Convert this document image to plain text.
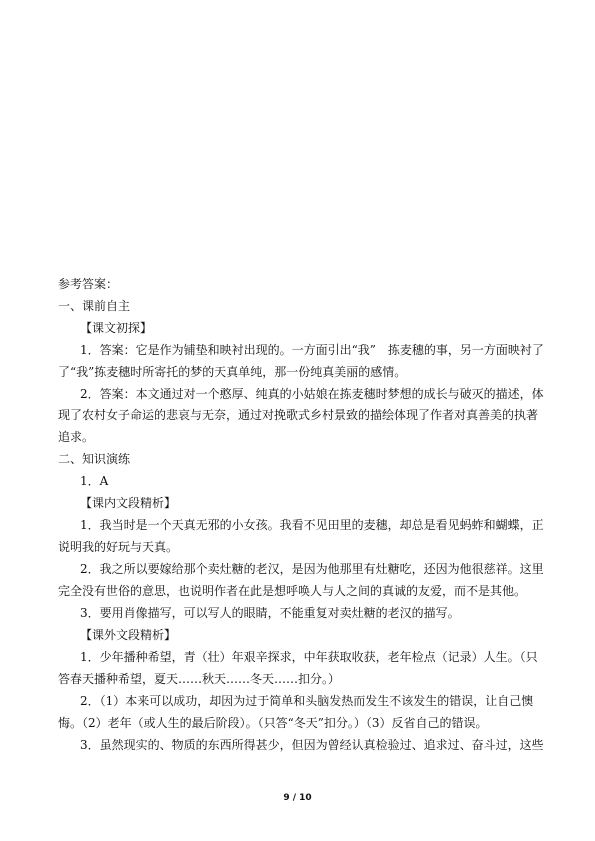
参考答案：
一、课前自主
【课文初探】
1．答案：它是作为铺垫和映衬出现的。一方面引出“我”　拣麦穗的事，另一方面映衬了
了“我”拣麦穗时所寄托的梦的天真单纯，那一份纯真美丽的感情。
2．答案：本文通过对一个憨厚、纯真的小姑娘在拣麦穗时梦想的成长与破灭的描述，体
现了农村女子命运的悲哀与无奈，通过对挽歌式乡村景致的描绘体现了作者对真善美的执著
追求。
二、知识演练
1．A
【课内文段精析】
1．我当时是一个天真无邪的小女孩。我看不见田里的麦穗，却总是看见蚂蚱和蝴蝶，正
说明我的好玩与天真。
2．我之所以要嫁给那个卖灶糖的老汉，是因为他那里有灶糖吃，还因为他很慈祥。这里
完全没有世俗的意思，也说明作者在此是想呼唤人与人之间的真诚的友爱，而不是其他。
3．要用肖像描写，可以写人的眼睛，不能重复对卖灶糖的老汉的描写。
【课外文段精析】
1．少年播种希望，青（壮）年艰辛探求，中年获取收获，老年检点（记录）人生。（只
答春天播种希望，夏天……秋天……冬天……扣分。）
2．（1）本来可以成功，却因为过于简单和头脑发热而发生不该发生的错误，让自己懊
悔。（2）老年（或人生的最后阶段）。（只答“冬天”扣分。）（3）反省自己的错误。
3．虽然现实的、物质的东西所得甚少，但因为曾经认真检验过、追求过、奋斗过，这些
9 / 10
